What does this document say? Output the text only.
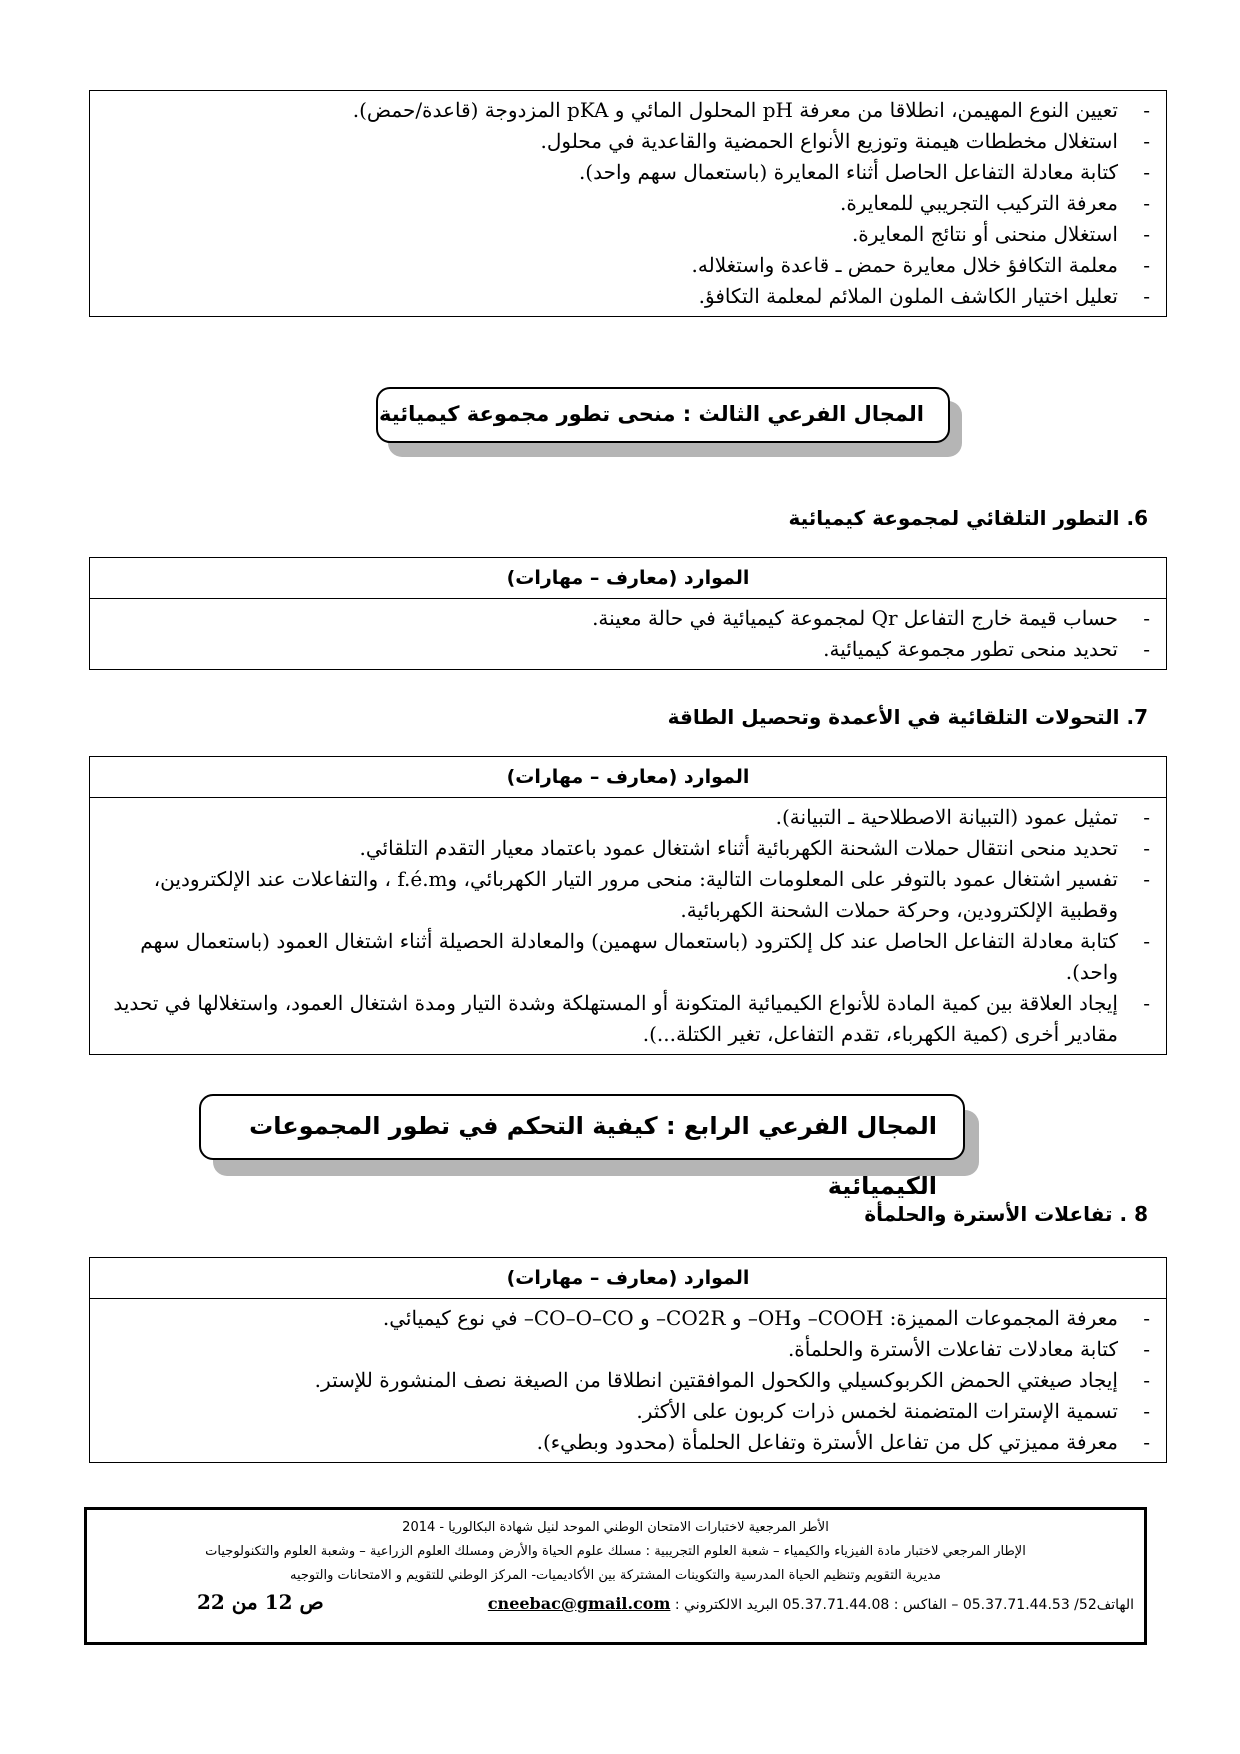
- تعيين النوع المهيمن، انطلاقا من معرفة pH المحلول المائي و pKA المزدوجة (قاعدة/حمض).
- استغلال مخططات هيمنة وتوزيع الأنواع الحمضية والقاعدية في محلول.
- كتابة معادلة التفاعل الحاصل أثناء المعايرة (باستعمال سهم واحد).
- معرفة التركيب التجريبي للمعايرة.
- استغلال منحنى أو نتائج المعايرة.
- معلمة التكافؤ خلال معايرة حمض ـ قاعدة واستغلاله.
- تعليل اختيار الكاشف الملون الملائم لمعلمة التكافؤ.
المجال الفرعي الثالث : منحى تطور مجموعة كيميائية
6. التطور التلقائي لمجموعة كيميائية
الموارد (معارف – مهارات)
- حساب قيمة خارج التفاعل Qr لمجموعة كيميائية في حالة معينة.
- تحديد منحى تطور مجموعة كيميائية.
7. التحولات التلقائية في الأعمدة وتحصيل الطاقة
الموارد (معارف – مهارات)
- تمثيل عمود (التبيانة الاصطلاحية ـ التبيانة).
- تحديد منحى انتقال حملات الشحنة الكهربائية أثناء اشتغال عمود باعتماد معيار التقدم التلقائي.
- تفسير اشتغال عمود بالتوفر على المعلومات التالية: منحى مرور التيار الكهربائي، وf.é.m ، والتفاعلات عند الإلكترودين، وقطبية الإلكترودين، وحركة حملات الشحنة الكهربائية.
- كتابة معادلة التفاعل الحاصل عند كل إلكترود (باستعمال سهمين) والمعادلة الحصيلة أثناء اشتغال العمود (باستعمال سهم واحد).
- إيجاد العلاقة بين كمية المادة للأنواع الكيميائية المتكونة أو المستهلكة وشدة التيار ومدة اشتغال العمود، واستغلالها في تحديد مقادير أخرى (كمية الكهرباء، تقدم التفاعل، تغير الكتلة...).
المجال الفرعي الرابع : كيفية التحكم في تطور المجموعات الكيميائية
8 . تفاعلات الأسترة والحلمأة
الموارد (معارف – مهارات)
- معرفة المجموعات المميزة: COOH– وOH– و CO2R– و CO–O–CO– في نوع كيميائي.
- كتابة معادلات تفاعلات الأسترة والحلمأة.
- إيجاد صيغتي الحمض الكربوكسيلي والكحول الموافقتين انطلاقا من الصيغة نصف المنشورة للإستر.
- تسمية الإسترات المتضمنة لخمس ذرات كربون على الأكثر.
- معرفة مميزتي كل من تفاعل الأسترة وتفاعل الحلمأة (محدود وبطيء).
الأطر المرجعية لاختبارات الامتحان الوطني الموحد لنيل شهادة البكالوريا - 2014
الإطار المرجعي لاختبار مادة الفيزياء والكيمياء – شعبة العلوم التجريبية : مسلك علوم الحياة والأرض ومسلك العلوم الزراعية – وشعبة العلوم والتكنولوجيات
مديرية التقويم وتنظيم الحياة المدرسية والتكوينات المشتركة بين الأكاديميات- المركز الوطني للتقويم و الامتحانات والتوجيه
الهاتف52/ 05.37.71.44.53 – الفاكس : 05.37.71.44.08 البريد الالكتروني : cneebac@gmail.com
ص 12 من 22
